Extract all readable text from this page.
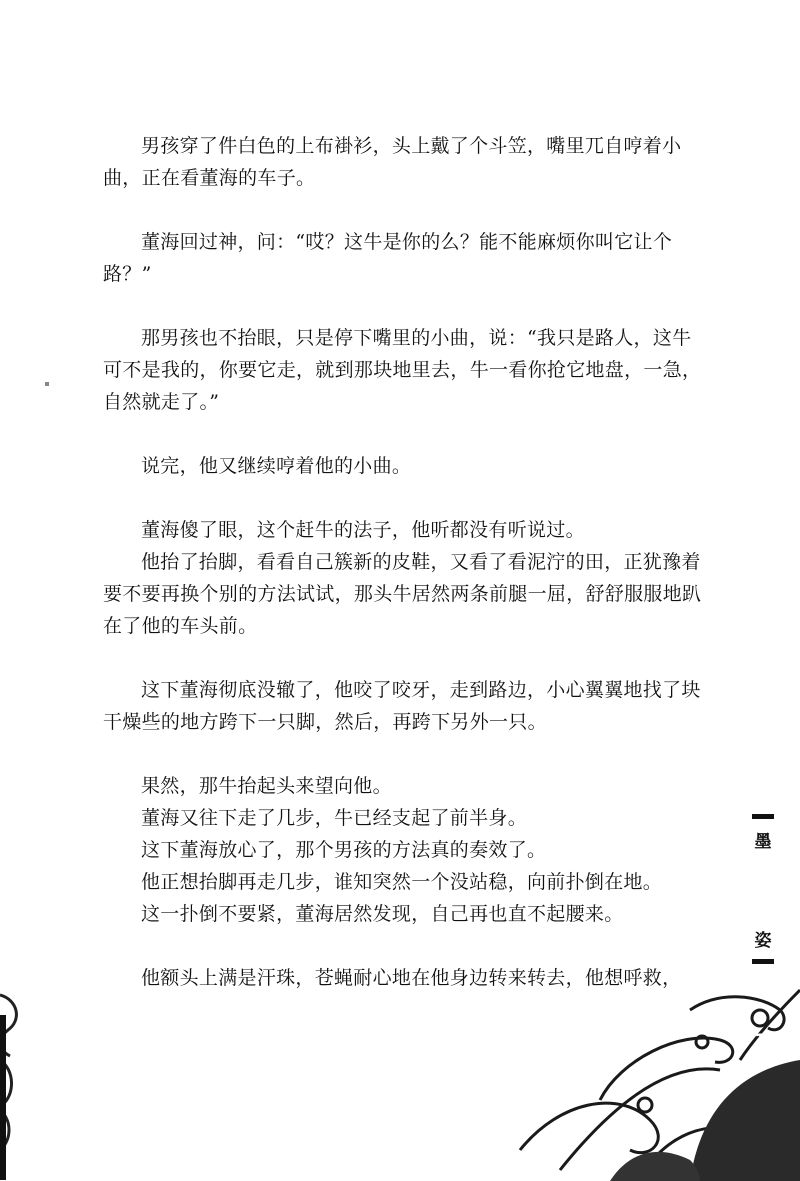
男孩穿了件白色的上布褂衫，头上戴了个斗笠，嘴里兀自哼着小曲，正在看董海的车子。

董海回过神，问：“哎？这牛是你的么？能不能麻烦你叫它让个路？”

那男孩也不抬眼，只是停下嘴里的小曲，说：“我只是路人，这牛可不是我的，你要它走，就到那块地里去，牛一看你抢它地盘，一急，自然就走了。”

说完，他又继续哼着他的小曲。

董海傻了眼，这个赶牛的法子，他听都没有听说过。

他抬了抬脚，看看自己簇新的皮鞋，又看了看泥泞的田，正犹豫着要不要再换个别的方法试试，那头牛居然两条前腿一屈，舒舒服服地趴在了他的车头前。

这下董海彻底没辙了，他咬了咬牙，走到路边，小心翼翼地找了块干燥些的地方跨下一只脚，然后，再跨下另外一只。

果然，那牛抬起头来望向他。

董海又往下走了几步，牛已经支起了前半身。

这下董海放心了，那个男孩的方法真的奏效了。

他正想抬脚再走几步，谁知突然一个没站稳，向前扑倒在地。

这一扑倒不要紧，董海居然发现，自己再也直不起腰来。

他额头上满是汗珠，苍蝇耐心地在他身边转来转去，他想呼救，

墨
姿
17
